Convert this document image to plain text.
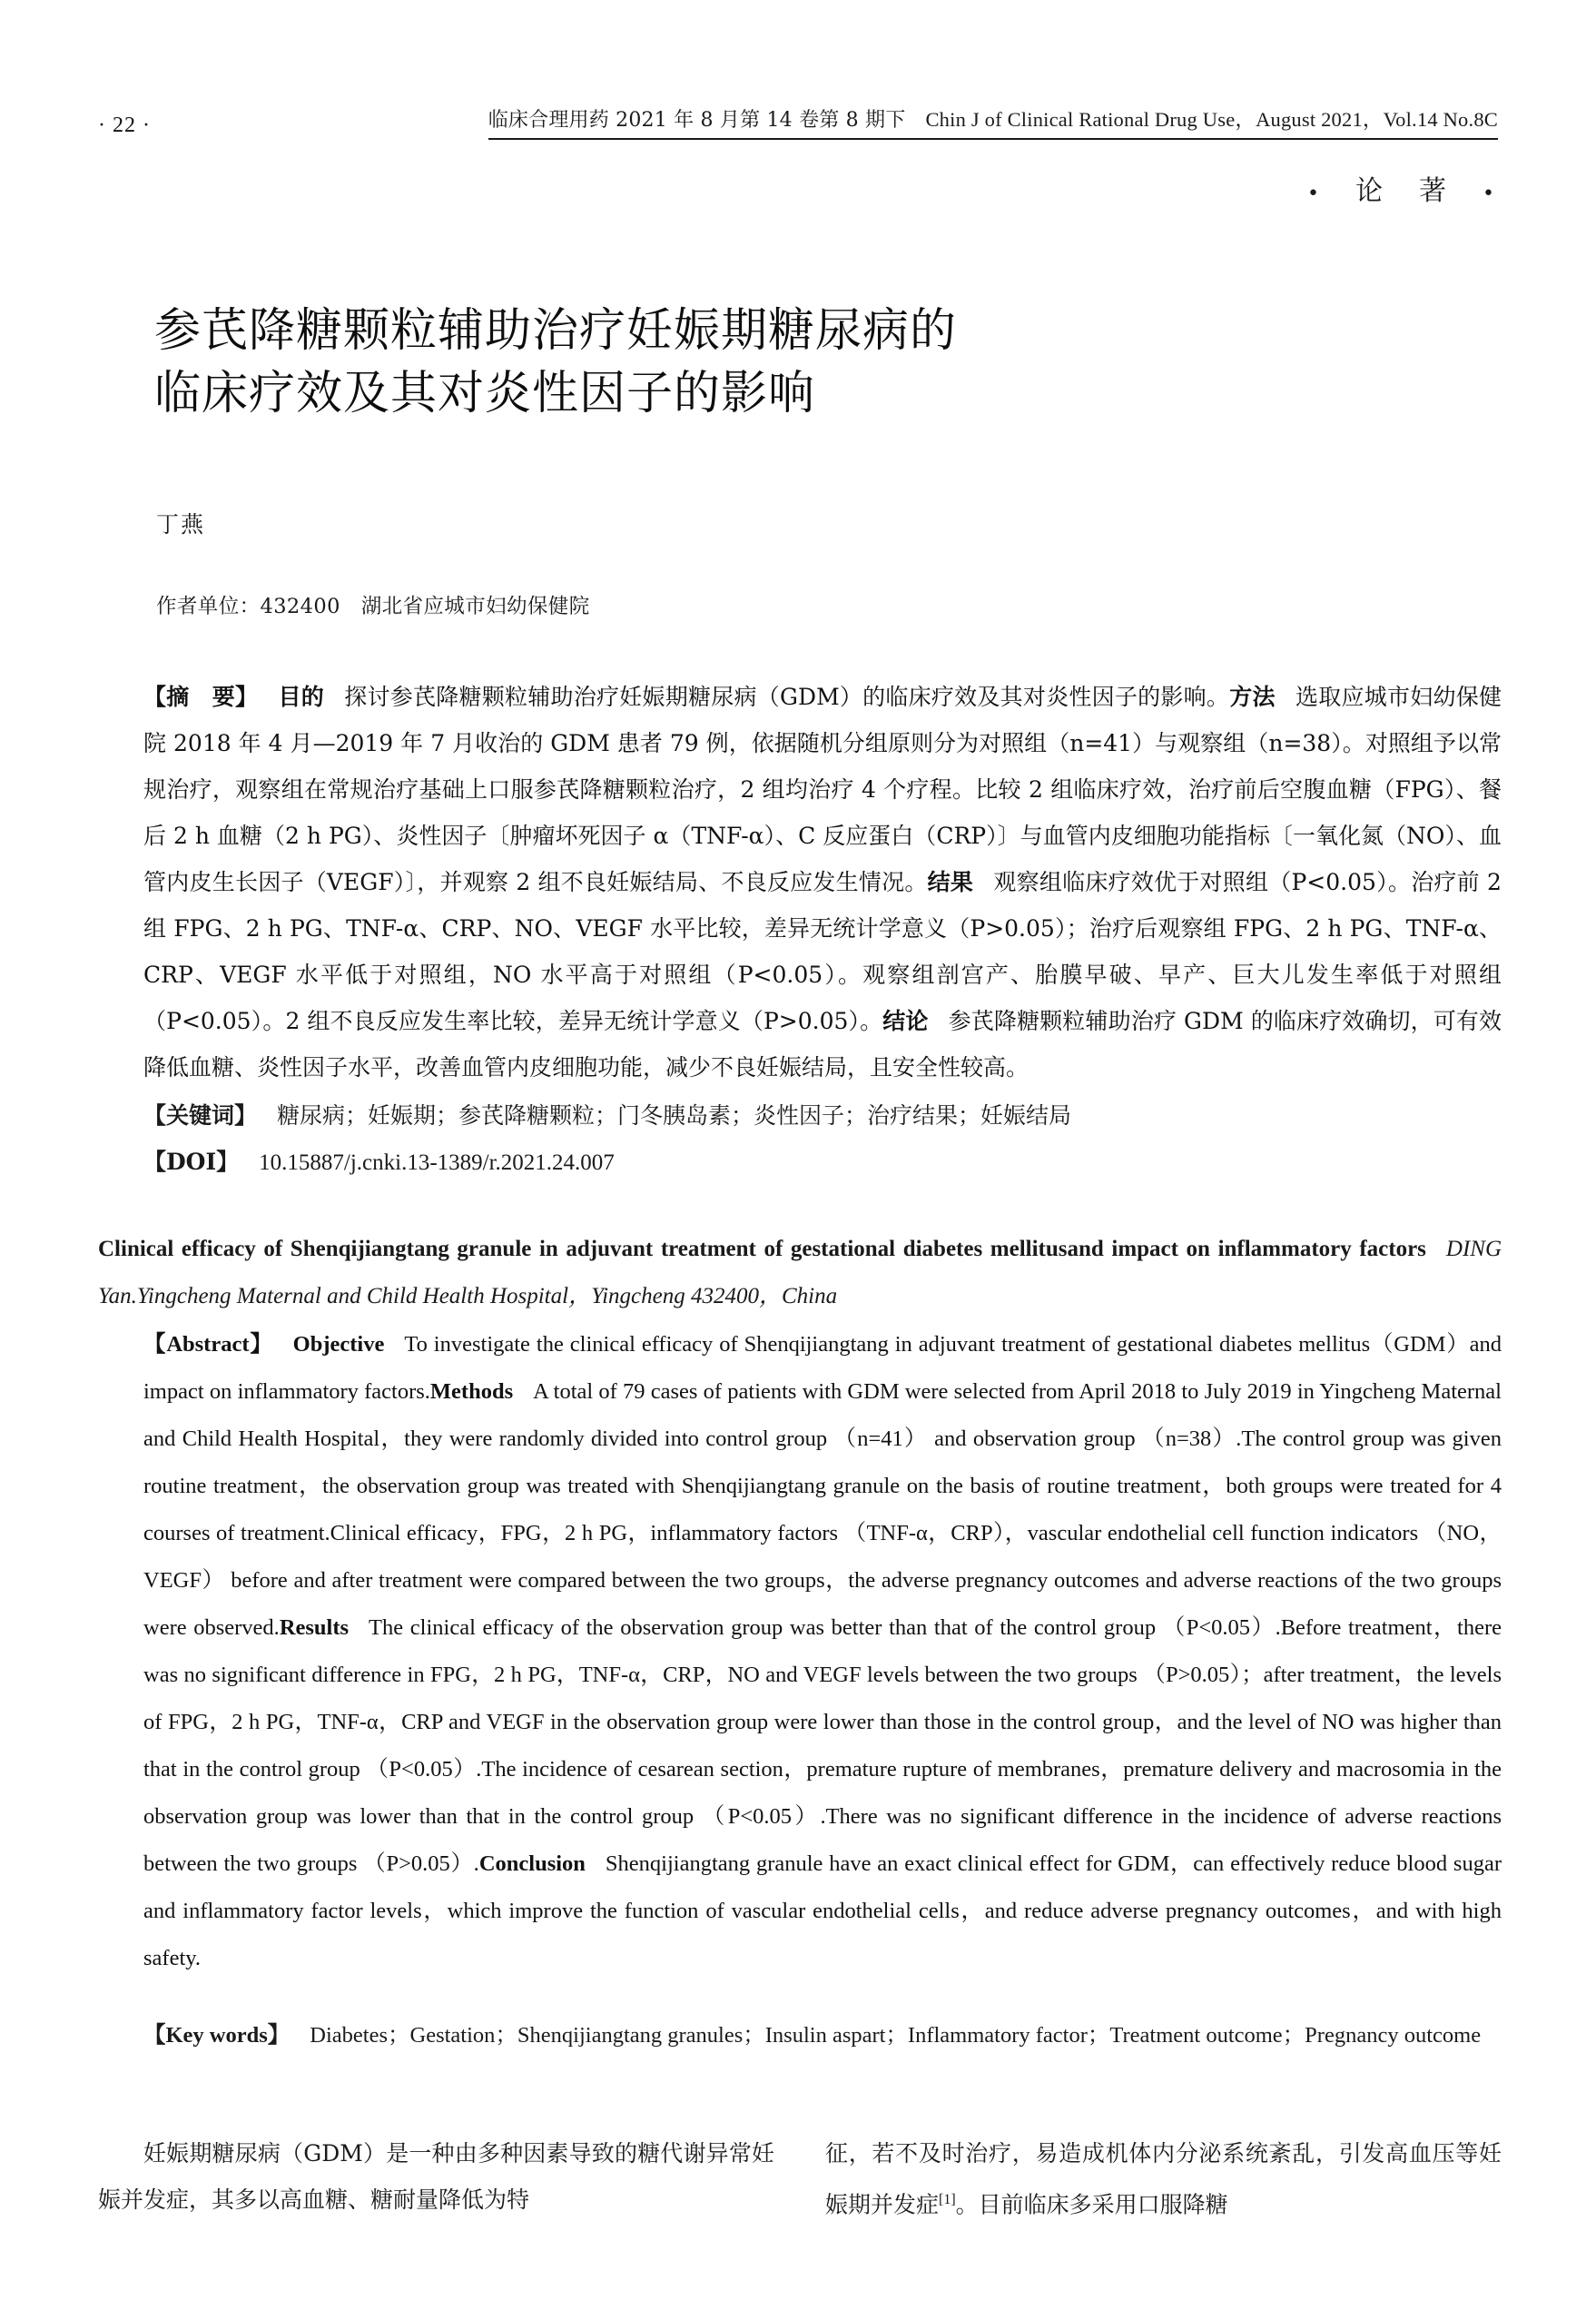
· 22 ·	临床合理用药 2021 年 8 月第 14 卷第 8 期下 Chin J of Clinical Rational Drug Use，August 2021，Vol.14 No.8C
• 论 著 •
参芪降糖颗粒辅助治疗妊娠期糖尿病的
临床疗效及其对炎性因子的影响
丁燕
作者单位：432400　湖北省应城市妇幼保健院

【摘　要】 目的 探讨参芪降糖颗粒辅助治疗妊娠期糖尿病（GDM）的临床疗效及其对炎性因子的影响。方法 选取应城市妇幼保健院 2018 年 4 月—2019 年 7 月收治的 GDM 患者 79 例，依据随机分组原则分为对照组（n=41）与观察组（n=38）。对照组予以常规治疗，观察组在常规治疗基础上口服参芪降糖颗粒治疗，2 组均治疗 4 个疗程。比较 2 组临床疗效，治疗前后空腹血糖（FPG）、餐后 2 h 血糖（2 h PG）、炎性因子〔肿瘤坏死因子 α（TNF-α）、C 反应蛋白（CRP）〕与血管内皮细胞功能指标〔一氧化氮（NO）、血管内皮生长因子（VEGF）〕，并观察 2 组不良妊娠结局、不良反应发生情况。结果 观察组临床疗效优于对照组（P<0.05）。治疗前 2 组 FPG、2 h PG、TNF-α、CRP、NO、VEGF 水平比较，差异无统计学意义（P>0.05）；治疗后观察组 FPG、2 h PG、TNF-α、CRP、VEGF 水平低于对照组，NO 水平高于对照组（P<0.05）。观察组剖宫产、胎膜早破、早产、巨大儿发生率低于对照组（P<0.05）。2 组不良反应发生率比较，差异无统计学意义（P>0.05）。结论 参芪降糖颗粒辅助治疗 GDM 的临床疗效确切，可有效降低血糖、炎性因子水平，改善血管内皮细胞功能，减少不良妊娠结局，且安全性较高。

【关键词】 糖尿病；妊娠期；参芪降糖颗粒；门冬胰岛素；炎性因子；治疗结果；妊娠结局
【DOI】 10.15887/j.cnki.13-1389/r.2021.24.007
Clinical efficacy of Shenqijiangtang granule in adjuvant treatment of gestational diabetes mellitusand impact on inflammatory factors DING Yan.Yingcheng Maternal and Child Health Hospital，Yingcheng 432400，China

【Abstract】 Objective To investigate the clinical efficacy of Shenqijiangtang in adjuvant treatment of gestational diabetes mellitus（GDM）and impact on inflammatory factors.Methods A total of 79 cases of patients with GDM were selected from April 2018 to July 2019 in Yingcheng Maternal and Child Health Hospital，they were randomly divided into control group （n=41） and observation group （n=38）.The control group was given routine treatment，the observation group was treated with Shenqijiangtang granule on the basis of routine treatment，both groups were treated for 4 courses of treatment.Clinical efficacy，FPG，2 h PG，inflammatory factors （TNF-α，CRP），vascular endothelial cell function indicators （NO，VEGF） before and after treatment were compared between the two groups，the adverse pregnancy outcomes and adverse reactions of the two groups were observed.Results The clinical efficacy of the observation group was better than that of the control group （P<0.05）.Before treatment，there was no significant difference in FPG，2 h PG，TNF-α，CRP，NO and VEGF levels between the two groups （P>0.05）；after treatment，the levels of FPG，2 h PG，TNF-α，CRP and VEGF in the observation group were lower than those in the control group，and the level of NO was higher than that in the control group （P<0.05）.The incidence of cesarean section，premature rupture of membranes，premature delivery and macrosomia in the observation group was lower than that in the control group （P<0.05）.There was no significant difference in the incidence of adverse reactions between the two groups （P>0.05）.Conclusion Shenqijiangtang granule have an exact clinical effect for GDM，can effectively reduce blood sugar and inflammatory factor levels，which improve the function of vascular endothelial cells，and reduce adverse pregnancy outcomes，and with high safety.

【Key words】 Diabetes；Gestation；Shenqijiangtang granules；Insulin aspart；Inflammatory factor；Treatment outcome；Pregnancy outcome

妊娠期糖尿病（GDM）是一种由多种因素导致的糖代谢异常妊娠并发症，其多以高血糖、糖耐量降低为特

征，若不及时治疗，易造成机体内分泌系统紊乱，引发高血压等妊娠期并发症[1]。目前临床多采用口服降糖
